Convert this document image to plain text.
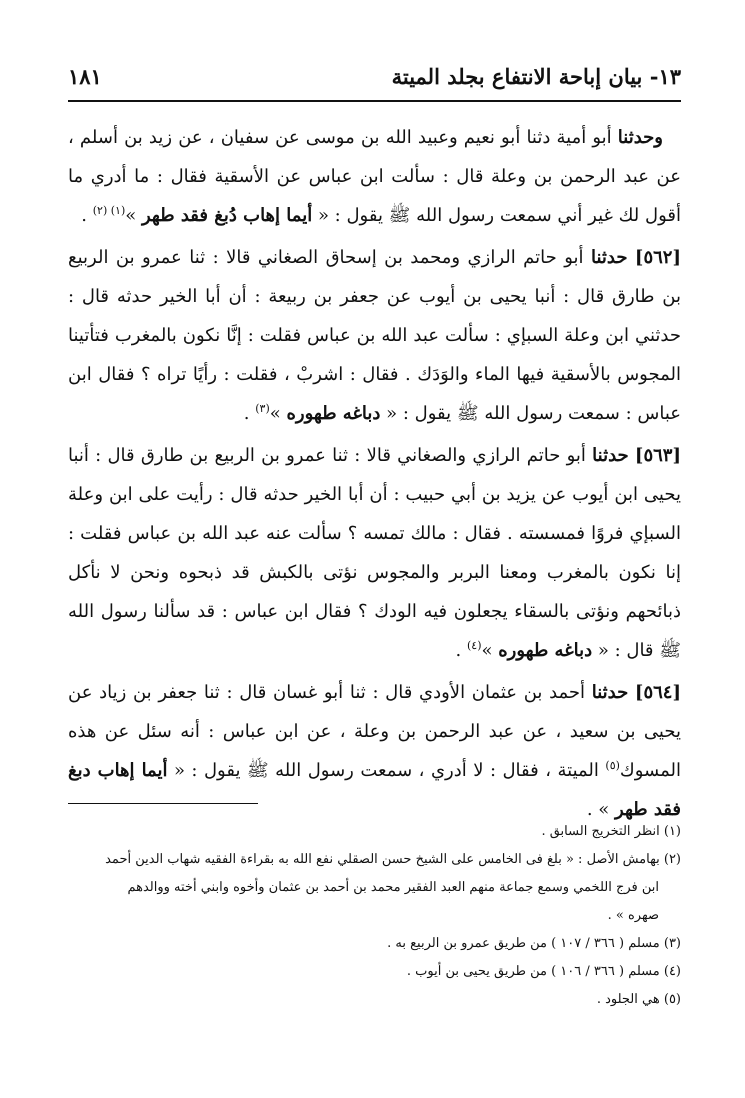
١٣- بيان إباحة الانتفاع بجلد الميتة
١٨١

وحدثنا أبو أمية دثنا أبو نعيم وعبيد الله بن موسى عن سفيان ، عن زيد بن أسلم ، عن عبد الرحمن بن وعلة قال : سألت ابن عباس عن الأسقية فقال : ما أدري ما أقول لك غير أني سمعت رسول الله ﷺ يقول : « أيما إهاب دُبغ فقد طهر »$^{(١) (٢)}$ .

[٥٦٢] حدثنا أبو حاتم الرازي ومحمد بن إسحاق الصغاني قالا : ثنا عمرو بن الربيع بن طارق قال : أنبا يحيى بن أيوب عن جعفر بن ربيعة : أن أبا الخير حدثه قال : حدثني ابن وعلة السبإي : سألت عبد الله بن عباس فقلت : إنَّا نكون بالمغرب فتأتينا المجوس بالأسقية فيها الماء والوَدَك . فقال : اشربْ ، فقلت : رأيًا تراه ؟ فقال ابن عباس : سمعت رسول الله ﷺ يقول : « دباغه طهوره »$^{(٣)}$ .

[٥٦٣] حدثنا أبو حاتم الرازي والصغاني قالا : ثنا عمرو بن الربيع بن طارق قال : أنبا يحيى ابن أيوب عن يزيد بن أبي حبيب : أن أبا الخير حدثه قال : رأيت على ابن وعلة السبإي فروًا فمسسته . فقال : مالك تمسه ؟ سألت عنه عبد الله بن عباس فقلت : إنا نكون بالمغرب ومعنا البربر والمجوس نؤتى بالكبش قد ذبحوه ونحن لا نأكل ذبائحهم ونؤتى بالسقاء يجعلون فيه الودك ؟ فقال ابن عباس : قد سألنا رسول الله ﷺ قال : « دباغه طهوره »$^{(٤)}$ .

[٥٦٤] حدثنا أحمد بن عثمان الأودي قال : ثنا أبو غسان قال : ثنا جعفر بن زياد عن يحيى بن سعيد ، عن عبد الرحمن بن وعلة ، عن ابن عباس : أنه سئل عن هذه المسوك$^{(٥)}$ الميتة ، فقال : لا أدري ، سمعت رسول الله ﷺ يقول : « أيما إهاب دبغ فقد طهر » .

(١) انظر التخريج السابق .

(٢) بهامش الأصل : « بلغ فى الخامس على الشيخ حسن الصقلي نفع الله به بقراءة الفقيه شهاب الدين أحمد

ابن فرج اللخمي وسمع جماعة منهم العبد الفقير محمد بن أحمد بن عثمان وأخوه وابني أخته ووالدهم

صهره » .

(٣) مسلم ( ٣٦٦ / ١٠٧ ) من طريق عمرو بن الربيع به .

(٤) مسلم ( ٣٦٦ / ١٠٦ ) من طريق يحيى بن أيوب .

(٥) هي الجلود .
